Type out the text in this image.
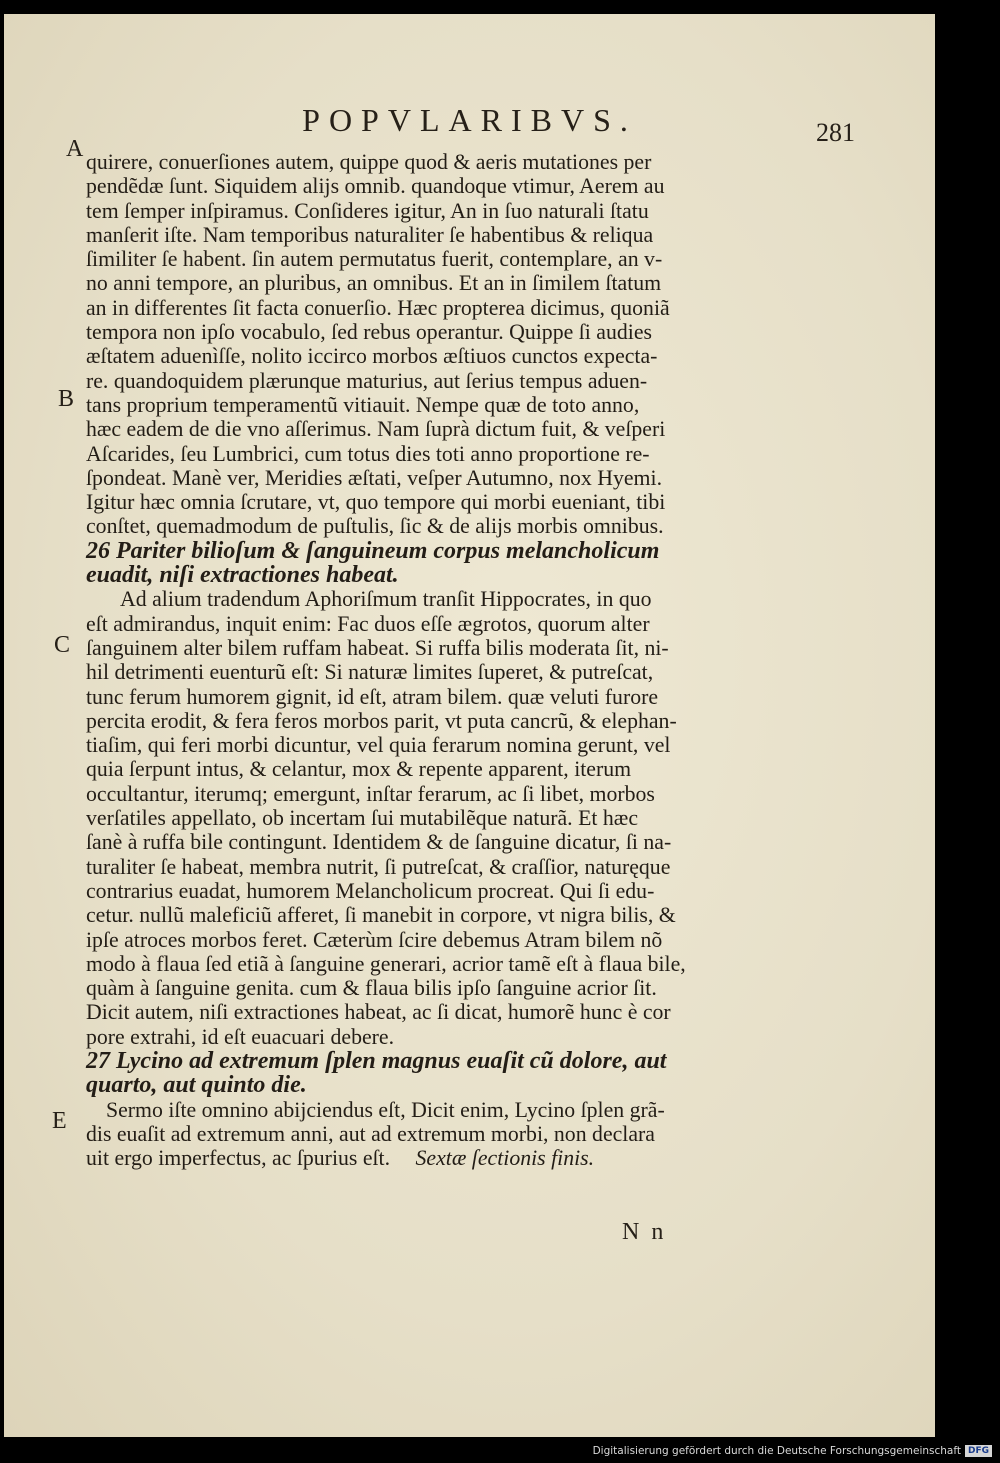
POPVLARIBVS.	281
A
B
C
E
quirere, conuerſiones autem, quippe quod & aeris mutationes per
pendẽdæ ſunt. Siquidem alijs omnib. quandoque vtimur, Aerem au
tem ſemper inſpiramus. Conſideres igitur, An in ſuo naturali ſtatu
manſerit iſte. Nam temporibus naturaliter ſe habentibus & reliqua
ſimiliter ſe habent. ſin autem permutatus fuerit, contemplare, an v-
no anni tempore, an pluribus, an omnibus. Et an in ſimilem ſtatum
an in differentes ſit facta conuerſio. Hæc propterea dicimus, quoniã
tempora non ipſo vocabulo, ſed rebus operantur. Quippe ſi audies
æſtatem aduenìſſe, nolito iccirco morbos æſtiuos cunctos expecta-
re. quandoquidem plærunque maturius, aut ſerius tempus aduen-
tans proprium temperamentũ vitiauit. Nempe quæ de toto anno,
hæc eadem de die vno aſſerimus. Nam ſuprà dictum fuit, & veſperi
Aſcarides, ſeu Lumbrici, cum totus dies toti anno proportione re-
ſpondeat. Manè ver, Meridies æſtati, veſper Autumno, nox Hyemi.
Igitur hæc omnia ſcrutare, vt, quo tempore qui morbi eueniant, tibi
conſtet, quemadmodum de puſtulis, ſic & de alijs morbis omnibus.
26 Pariter bilioſum & ſanguineum corpus melancholicum
euadit, niſi extractiones habeat.
Ad alium tradendum Aphoriſmum tranſit Hippocrates, in quo
eſt admirandus, inquit enim: Fac duos eſſe ægrotos, quorum alter
ſanguinem alter bilem ruffam habeat. Si ruffa bilis moderata ſit, ni-
hil detrimenti euenturũ eſt: Si naturæ limites ſuperet, & putreſcat,
tunc ferum humorem gignit, id eſt, atram bilem. quæ veluti furore
percita erodit, & fera feros morbos parit, vt puta cancrũ, & elephan-
tiaſim, qui feri morbi dicuntur, vel quia ferarum nomina gerunt, vel
quia ſerpunt intus, & celantur, mox & repente apparent, iterum
occultantur, iterumq; emergunt, inſtar ferarum, ac ſi libet, morbos
verſatiles appellato, ob incertam ſui mutabilẽque naturã. Et hæc
ſanè à ruffa bile contingunt. Identidem & de ſanguine dicatur, ſi na-
turaliter ſe habeat, membra nutrit, ſi putreſcat, & craſſior, naturęque
contrarius euadat, humorem Melancholicum procreat. Qui ſi edu-
cetur. nullũ maleficiũ afferet, ſi manebit in corpore, vt nigra bilis, &
ipſe atroces morbos feret. Cæterùm ſcire debemus Atram bilem nõ
modo à flaua ſed etiã à ſanguine generari, acrior tamẽ eſt à flaua bile,
quàm à ſanguine genita. cum & flaua bilis ipſo ſanguine acrior ſit.
Dicit autem, niſi extractiones habeat, ac ſi dicat, humorẽ hunc è cor
pore extrahi, id eſt euacuari debere.
27 Lycino ad extremum ſplen magnus euaſit cũ dolore, aut
quarto, aut quinto die.
Sermo iſte omnino abijciendus eſt, Dicit enim, Lycino ſplen grã-
dis euaſit ad extremum anni, aut ad extremum morbi, non declara
uit ergo imperfectus, ac ſpurius eſt. Sextæ ſectionis finis.
N n
Digitalisierung gefördert durch die Deutsche Forschungsgemeinschaft DFG
